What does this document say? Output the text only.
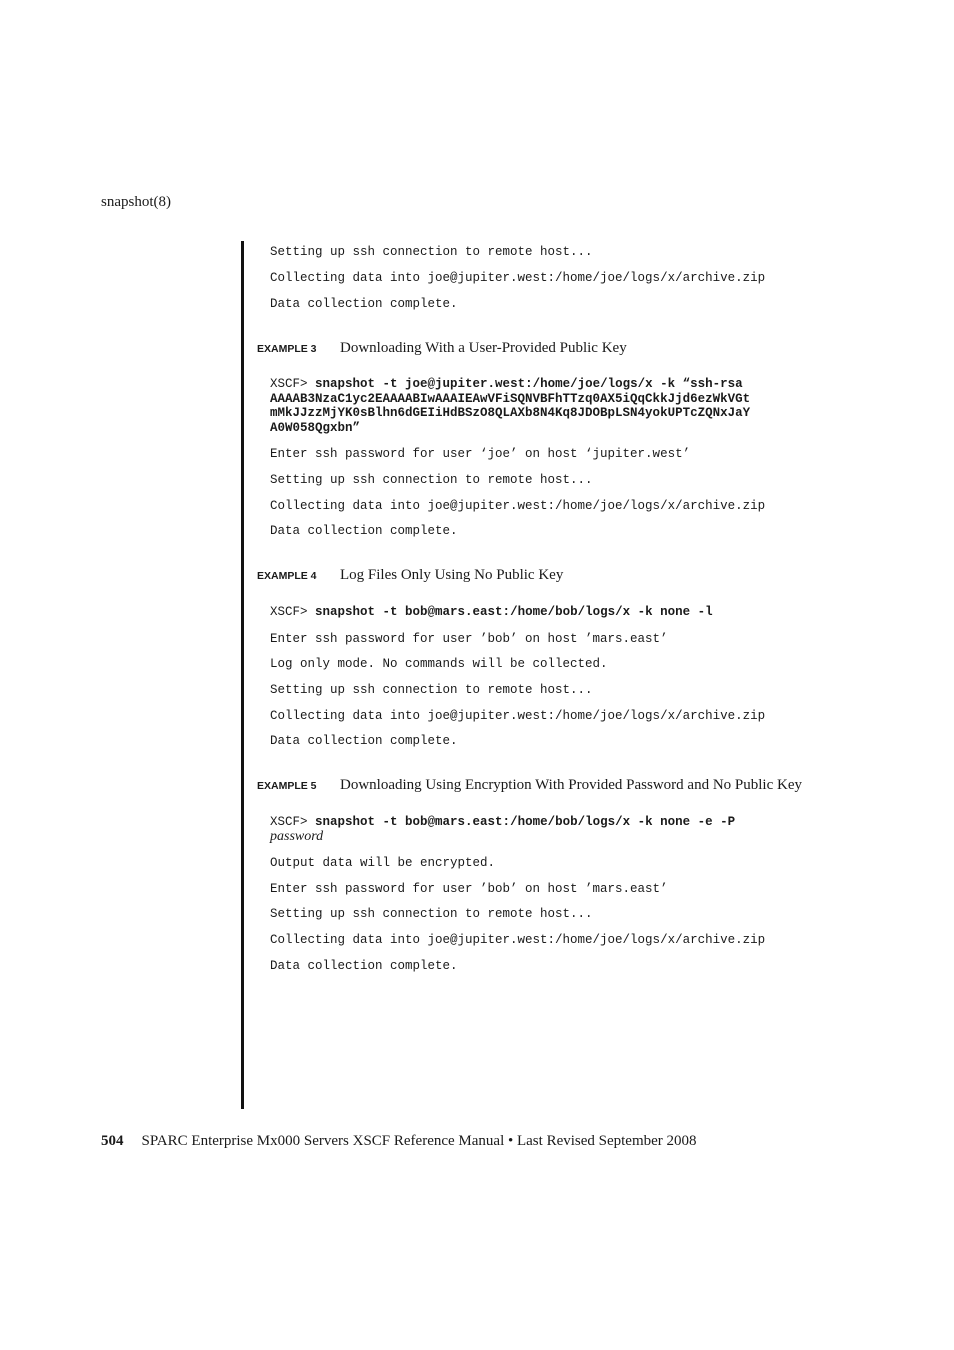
snapshot(8)
Setting up ssh connection to remote host...
Collecting data into joe@jupiter.west:/home/joe/logs/x/archive.zip
Data collection complete.
EXAMPLE 3 Downloading With a User-Provided Public Key
XSCF> snapshot -t joe@jupiter.west:/home/joe/logs/x -k “ssh-rsa
AAAAB3NzaC1yc2EAAAABIwAAAIEAwVFiSQNVBFhTTzq0AX5iQqCkkJjd6ezWkVGt
mMkJJzzMjYK0sBlhn6dGEIiHdBSzO8QLAXb8N4Kq8JDOBpLSN4yokUPTcZQNxJaY
A0W058Qgxbn”
Enter ssh password for user ‘joe’ on host ‘jupiter.west’
Setting up ssh connection to remote host...
Collecting data into joe@jupiter.west:/home/joe/logs/x/archive.zip
Data collection complete.
EXAMPLE 4 Log Files Only Using No Public Key
XSCF> snapshot -t bob@mars.east:/home/bob/logs/x -k none -l
Enter ssh password for user ’bob’ on host ’mars.east’
Log only mode. No commands will be collected.
Setting up ssh connection to remote host...
Collecting data into joe@jupiter.west:/home/joe/logs/x/archive.zip
Data collection complete.
EXAMPLE 5 Downloading Using Encryption With Provided Password and No Public Key
XSCF> snapshot -t bob@mars.east:/home/bob/logs/x -k none -e -P
password
Output data will be encrypted.
Enter ssh password for user ’bob’ on host ’mars.east’
Setting up ssh connection to remote host...
Collecting data into joe@jupiter.west:/home/joe/logs/x/archive.zip
Data collection complete.
504 SPARC Enterprise Mx000 Servers XSCF Reference Manual • Last Revised September 2008
